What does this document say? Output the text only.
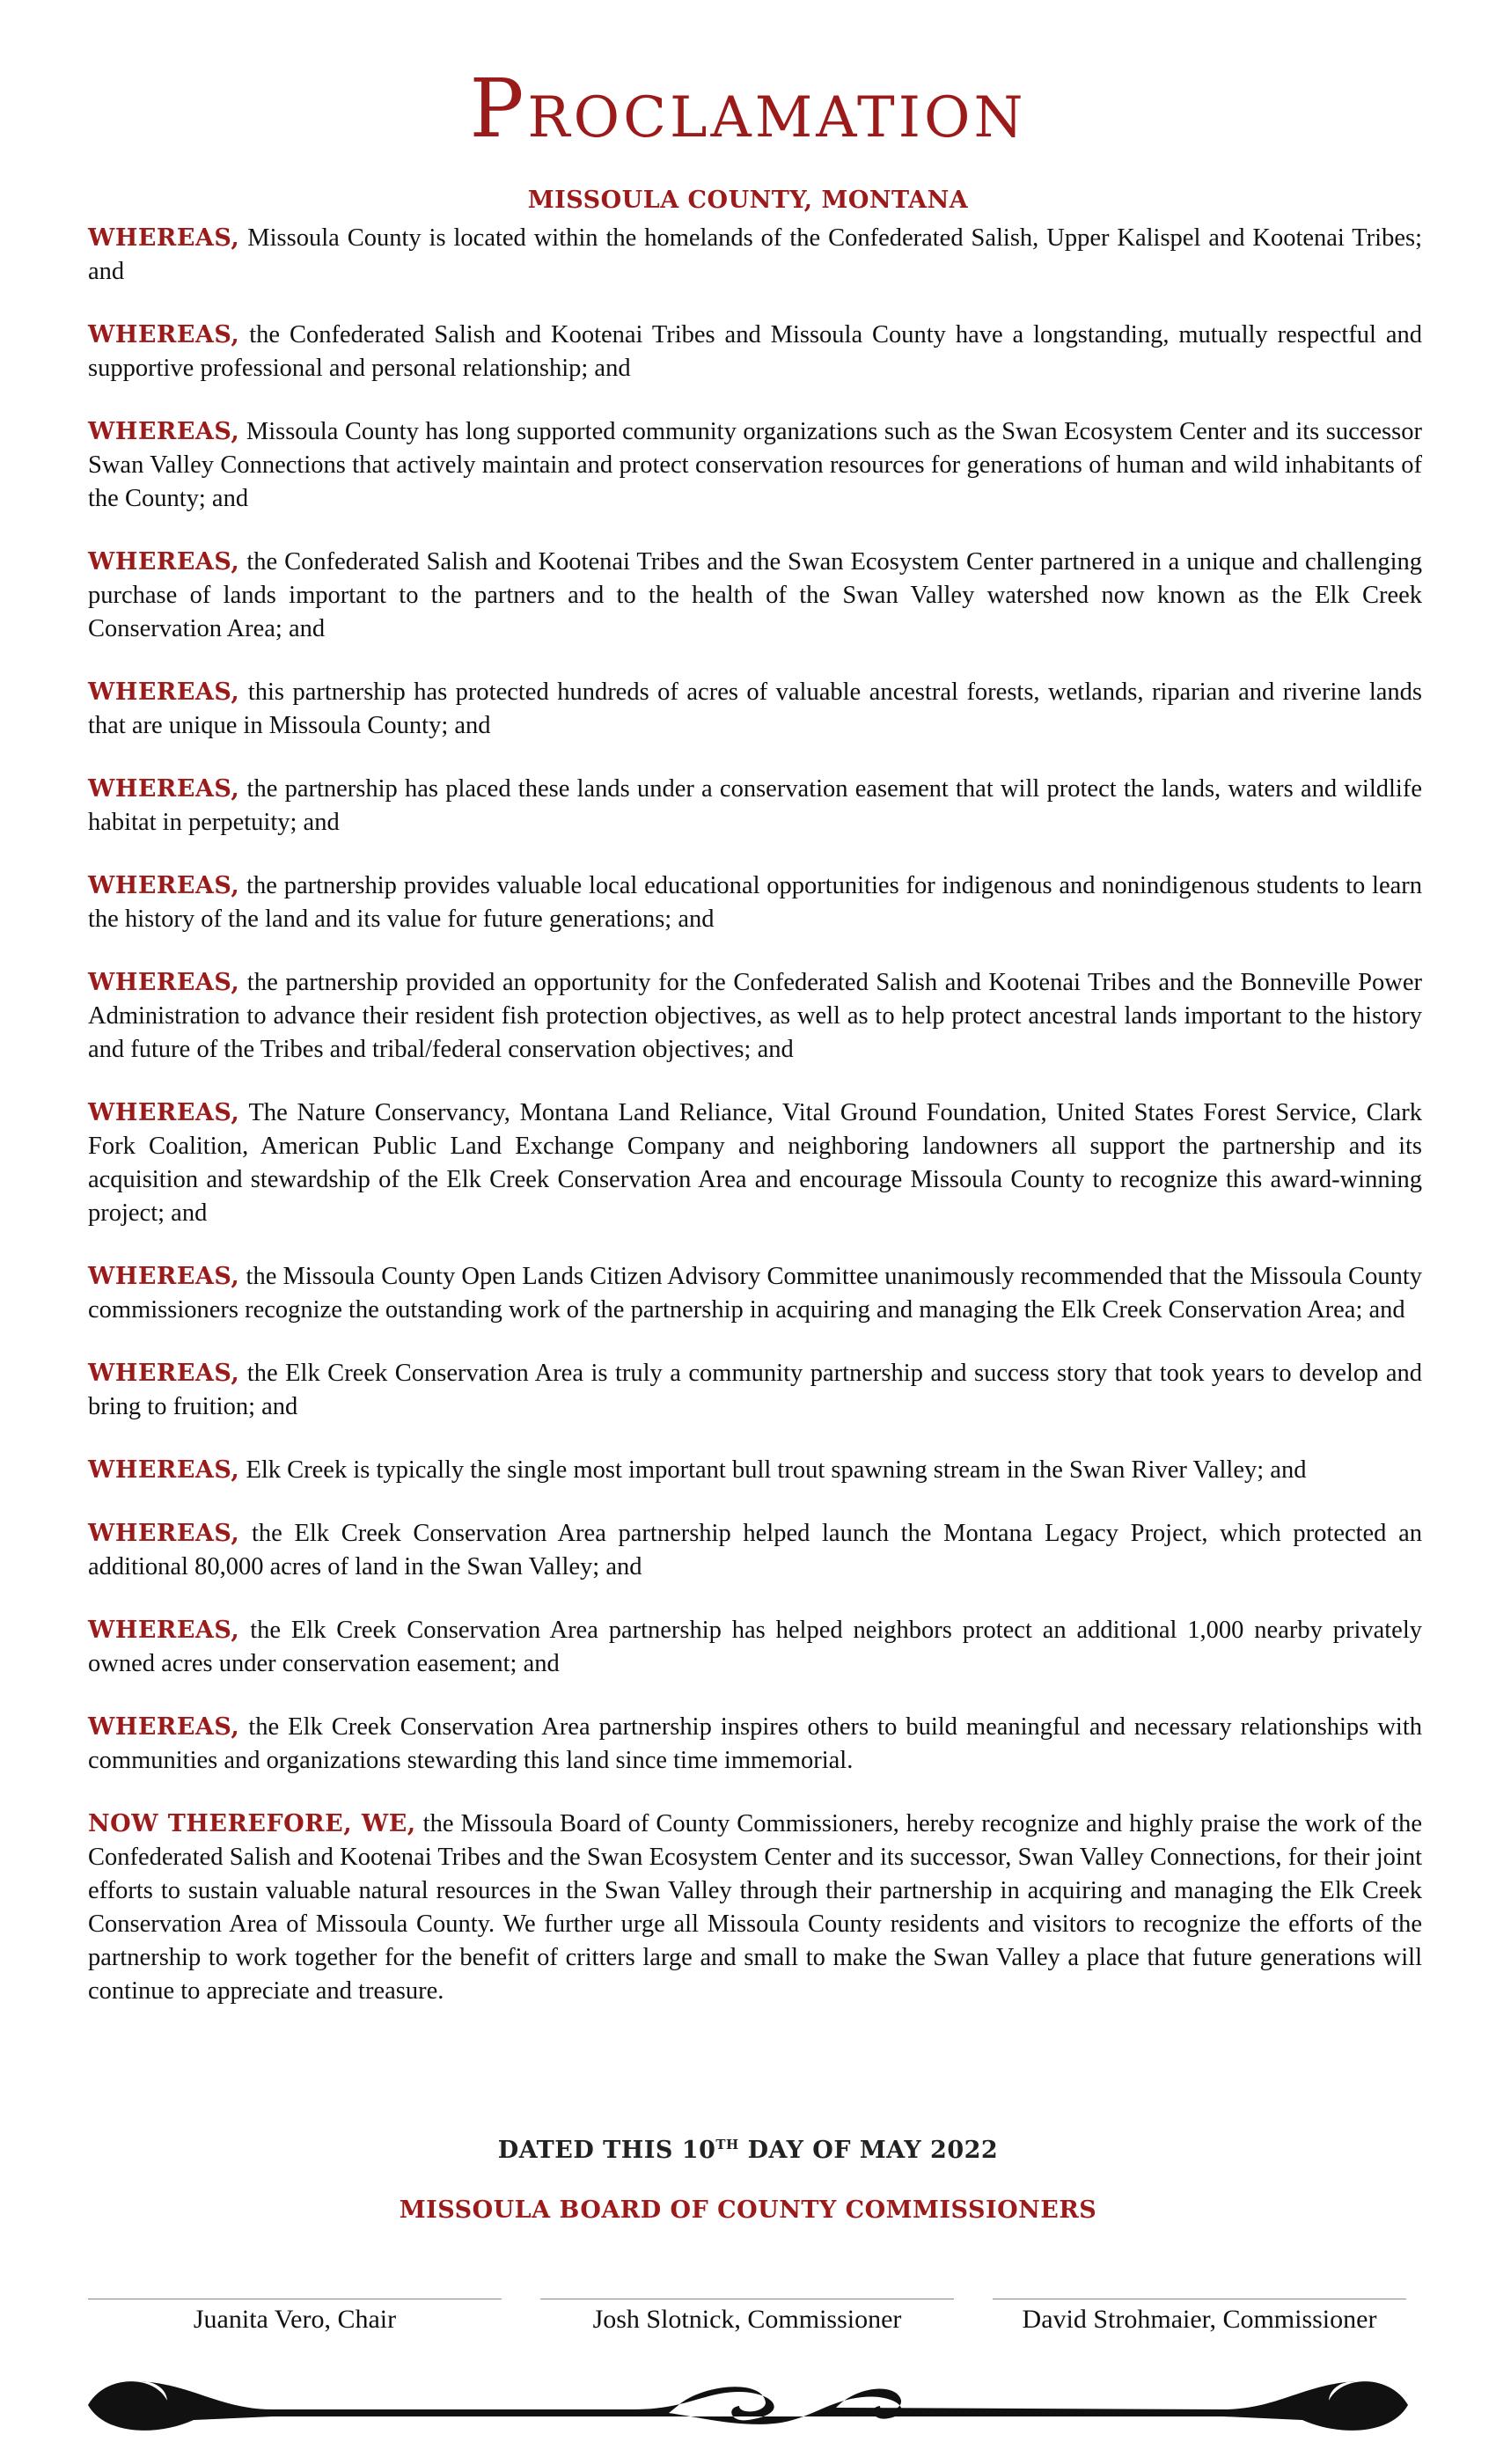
Proclamation
MISSOULA COUNTY, MONTANA

WHEREAS, Missoula County is located within the homelands of the Confederated Salish, Upper Kalispel and Kootenai Tribes; and

WHEREAS, the Confederated Salish and Kootenai Tribes and Missoula County have a longstanding, mutually respectful and supportive professional and personal relationship; and

WHEREAS, Missoula County has long supported community organizations such as the Swan Ecosystem Center and its successor Swan Valley Connections that actively maintain and protect conservation resources for generations of human and wild inhabitants of the County; and

WHEREAS, the Confederated Salish and Kootenai Tribes and the Swan Ecosystem Center partnered in a unique and challenging purchase of lands important to the partners and to the health of the Swan Valley watershed now known as the Elk Creek Conservation Area; and

WHEREAS, this partnership has protected hundreds of acres of valuable ancestral forests, wetlands, riparian and riverine lands that are unique in Missoula County; and

WHEREAS, the partnership has placed these lands under a conservation easement that will protect the lands, waters and wildlife habitat in perpetuity; and

WHEREAS, the partnership provides valuable local educational opportunities for indigenous and nonindigenous students to learn the history of the land and its value for future generations; and

WHEREAS, the partnership provided an opportunity for the Confederated Salish and Kootenai Tribes and the Bonneville Power Administration to advance their resident fish protection objectives, as well as to help protect ancestral lands important to the history and future of the Tribes and tribal/federal conservation objectives; and

WHEREAS, The Nature Conservancy, Montana Land Reliance, Vital Ground Foundation, United States Forest Service, Clark Fork Coalition, American Public Land Exchange Company and neighboring landowners all support the partnership and its acquisition and stewardship of the Elk Creek Conservation Area and encourage Missoula County to recognize this award-winning project; and

WHEREAS, the Missoula County Open Lands Citizen Advisory Committee unanimously recommended that the Missoula County commissioners recognize the outstanding work of the partnership in acquiring and managing the Elk Creek Conservation Area; and

WHEREAS, the Elk Creek Conservation Area is truly a community partnership and success story that took years to develop and bring to fruition; and

WHEREAS, Elk Creek is typically the single most important bull trout spawning stream in the Swan River Valley; and

WHEREAS, the Elk Creek Conservation Area partnership helped launch the Montana Legacy Project, which protected an additional 80,000 acres of land in the Swan Valley; and

WHEREAS, the Elk Creek Conservation Area partnership has helped neighbors protect an additional 1,000 nearby privately owned acres under conservation easement; and

WHEREAS, the Elk Creek Conservation Area partnership inspires others to build meaningful and necessary relationships with communities and organizations stewarding this land since time immemorial.

NOW THEREFORE, WE, the Missoula Board of County Commissioners, hereby recognize and highly praise the work of the Confederated Salish and Kootenai Tribes and the Swan Ecosystem Center and its successor, Swan Valley Connections, for their joint efforts to sustain valuable natural resources in the Swan Valley through their partnership in acquiring and managing the Elk Creek Conservation Area of Missoula County. We further urge all Missoula County residents and visitors to recognize the efforts of the partnership to work together for the benefit of critters large and small to make the Swan Valley a place that future generations will continue to appreciate and treasure.

DATED THIS 10TH DAY OF MAY 2022
MISSOULA BOARD OF COUNTY COMMISSIONERS
Juanita Vero, Chair	Josh Slotnick, Commissioner	David Strohmaier, Commissioner
